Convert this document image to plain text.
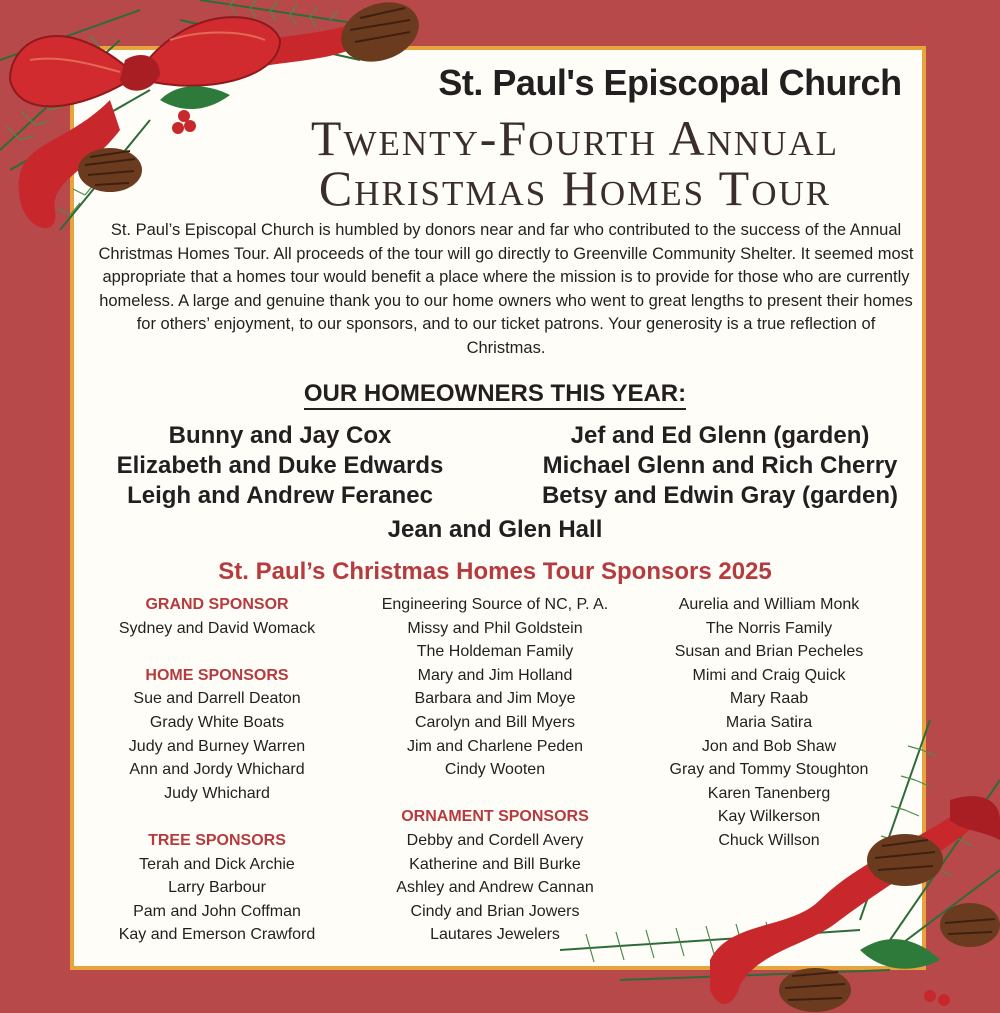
St. Paul's Episcopal Church
Twenty-Fourth Annual
Christmas Homes Tour
St. Paul’s Episcopal Church is humbled by donors near and far who contributed to the success of the Annual Christmas Homes Tour. All proceeds of the tour will go directly to Greenville Community Shelter. It seemed most appropriate that a homes tour would benefit a place where the mission is to provide for those who are currently homeless. A large and genuine thank you to our home owners who went to great lengths to present their homes for others’ enjoyment, to our sponsors, and to our ticket patrons. Your generosity is a true reflection of Christmas.
OUR HOMEOWNERS THIS YEAR:
Bunny and Jay Cox
Elizabeth and Duke Edwards
Leigh and Andrew Feranec
Jef and Ed Glenn (garden)
Michael Glenn and Rich Cherry
Betsy and Edwin Gray (garden)
Jean and Glen Hall
St. Paul’s Christmas Homes Tour Sponsors 2025
GRAND SPONSOR
Sydney and David Womack
HOME SPONSORS
Sue and Darrell Deaton
Grady White Boats
Judy and Burney Warren
Ann and Jordy Whichard
Judy Whichard
TREE SPONSORS
Terah and Dick Archie
Larry Barbour
Pam and John Coffman
Kay and Emerson Crawford
Engineering Source of NC, P. A.
Missy and Phil Goldstein
The Holdeman Family
Mary and Jim Holland
Barbara and Jim Moye
Carolyn and Bill Myers
Jim and Charlene Peden
Cindy Wooten
ORNAMENT SPONSORS
Debby and Cordell Avery
Katherine and Bill Burke
Ashley and Andrew Cannan
Cindy and Brian Jowers
Lautares Jewelers
Aurelia and William Monk
The Norris Family
Susan and Brian Pecheles
Mimi and Craig Quick
Mary Raab
Maria Satira
Jon and Bob Shaw
Gray and Tommy Stoughton
Karen Tanenberg
Kay Wilkerson
Chuck Willson
